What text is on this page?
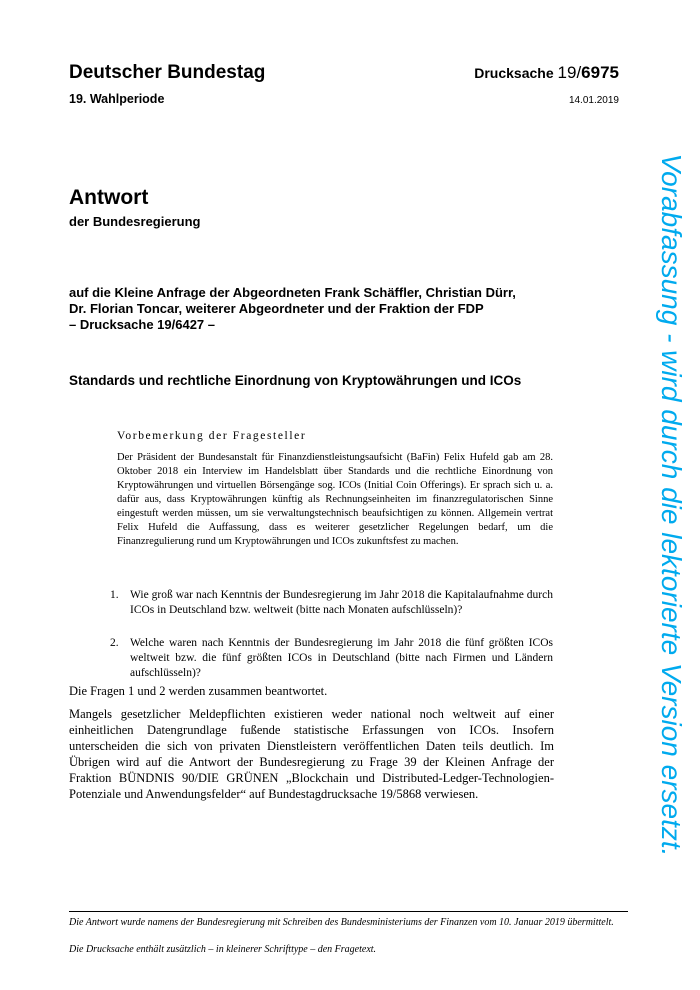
Deutscher Bundestag
19. Wahlperiode
Drucksache 19/6975
14.01.2019
Antwort
der Bundesregierung
auf die Kleine Anfrage der Abgeordneten Frank Schäffler, Christian Dürr,
Dr. Florian Toncar, weiterer Abgeordneter und der Fraktion der FDP
– Drucksache 19/6427 –
Standards und rechtliche Einordnung von Kryptowährungen und ICOs
Vorbemerkung der Fragesteller
Der Präsident der Bundesanstalt für Finanzdienstleistungsaufsicht (BaFin) Felix Hufeld gab am 28. Oktober 2018 ein Interview im Handelsblatt über Standards und die rechtliche Einordnung von Kryptowährungen und virtuellen Börsengänge sog. ICOs (Initial Coin Offerings). Er sprach sich u. a. dafür aus, dass Kryptowährungen künftig als Rechnungseinheiten im finanzregulatorischen Sinne eingestuft werden müssen, um sie verwaltungstechnisch beaufsichtigen zu können. Allgemein vertrat Felix Hufeld die Auffassung, dass es weiterer gesetzlicher Regelungen bedarf, um die Finanzregulierung rund um Kryptowährungen und ICOs zukunftsfest zu machen.
1. Wie groß war nach Kenntnis der Bundesregierung im Jahr 2018 die Kapitalaufnahme durch ICOs in Deutschland bzw. weltweit (bitte nach Monaten aufschlüsseln)?
2. Welche waren nach Kenntnis der Bundesregierung im Jahr 2018 die fünf größten ICOs weltweit bzw. die fünf größten ICOs in Deutschland (bitte nach Firmen und Ländern aufschlüsseln)?
Die Fragen 1 und 2 werden zusammen beantwortet.
Mangels gesetzlicher Meldepflichten existieren weder national noch weltweit auf einer einheitlichen Datengrundlage fußende statistische Erfassungen von ICOs. Insofern unterscheiden die sich von privaten Dienstleistern veröffentlichen Daten teils deutlich. Im Übrigen wird auf die Antwort der Bundesregierung zu Frage 39 der Kleinen Anfrage der Fraktion BÜNDNIS 90/DIE GRÜNEN „Blockchain und Distributed-Ledger-Technologien- Potenziale und Anwendungsfelder“ auf Bundestagdrucksache 19/5868 verwiesen.
Die Antwort wurde namens der Bundesregierung mit Schreiben des Bundesministeriums der Finanzen vom 10. Januar 2019 übermittelt.
Die Drucksache enthält zusätzlich – in kleinerer Schrifttype – den Fragetext.
Vorabfassung - wird durch die lektorierte Version ersetzt.
